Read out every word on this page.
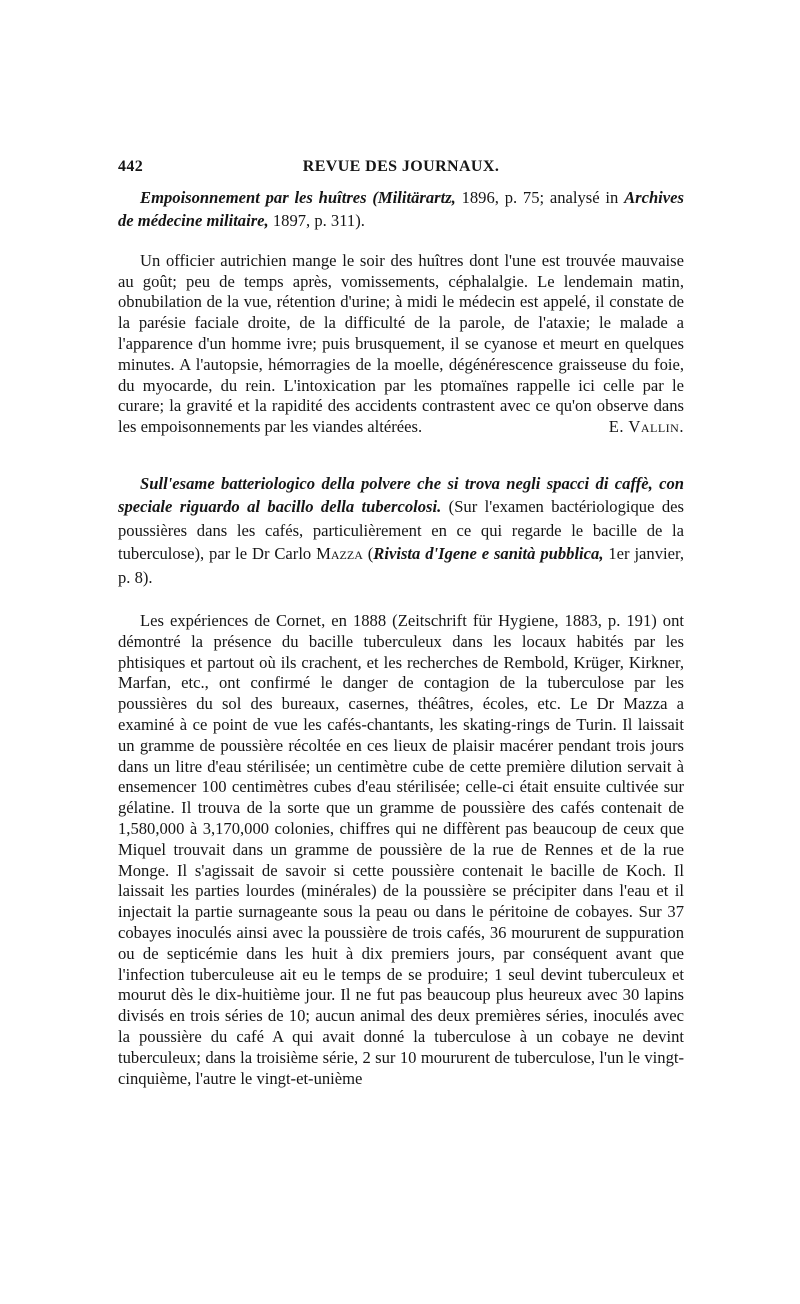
442	REVUE DES JOURNAUX.

Empoisonnement par les huîtres (Militärartz, 1896, p. 75; analysé in Archives de médecine militaire, 1897, p. 311).

Un officier autrichien mange le soir des huîtres dont l'une est trouvée mauvaise au goût; peu de temps après, vomissements, céphalalgie. Le lendemain matin, obnubilation de la vue, rétention d'urine; à midi le médecin est appelé, il constate de la parésie faciale droite, de la difficulté de la parole, de l'ataxie; le malade a l'apparence d'un homme ivre; puis brusquement, il se cyanose et meurt en quelques minutes. A l'autopsie, hémorragies de la moelle, dégénérescence graisseuse du foie, du myocarde, du rein. L'intoxication par les ptomaïnes rappelle ici celle par le curare; la gravité et la rapidité des accidents contrastent avec ce qu'on observe dans les empoisonnements par les viandes altérées.	E. Vallin.

Sull'esame batteriologico della polvere che si trova negli spacci di caffè, con speciale riguardo al bacillo della tubercolosi. (Sur l'examen bactériologique des poussières dans les cafés, particulièrement en ce qui regarde le bacille de la tuberculose), par le Dr Carlo Mazza (Rivista d'Igene e sanità pubblica, 1er janvier, p. 8).

Les expériences de Cornet, en 1888 (Zeitschrift für Hygiene, 1883, p. 191) ont démontré la présence du bacille tuberculeux dans les locaux habités par les phtisiques et partout où ils crachent, et les recherches de Rembold, Krüger, Kirkner, Marfan, etc., ont confirmé le danger de contagion de la tuberculose par les poussières du sol des bureaux, casernes, théâtres, écoles, etc. Le Dr Mazza a examiné à ce point de vue les cafés-chantants, les skating-rings de Turin. Il laissait un gramme de poussière récoltée en ces lieux de plaisir macérer pendant trois jours dans un litre d'eau stérilisée; un centimètre cube de cette première dilution servait à ensemencer 100 centimètres cubes d'eau stérilisée; celle-ci était ensuite cultivée sur gélatine. Il trouva de la sorte que un gramme de poussière des cafés contenait de 1,580,000 à 3,170,000 colonies, chiffres qui ne diffèrent pas beaucoup de ceux que Miquel trouvait dans un gramme de poussière de la rue de Rennes et de la rue Monge. Il s'agissait de savoir si cette poussière contenait le bacille de Koch. Il laissait les parties lourdes (minérales) de la poussière se précipiter dans l'eau et il injectait la partie surnageante sous la peau ou dans le péritoine de cobayes. Sur 37 cobayes inoculés ainsi avec la poussière de trois cafés, 36 moururent de suppuration ou de septicémie dans les huit à dix premiers jours, par conséquent avant que l'infection tuberculeuse ait eu le temps de se produire; 1 seul devint tuberculeux et mourut dès le dix-huitième jour. Il ne fut pas beaucoup plus heureux avec 30 lapins divisés en trois séries de 10; aucun animal des deux premières séries, inoculés avec la poussière du café A qui avait donné la tuberculose à un cobaye ne devint tuberculeux; dans la troisième série, 2 sur 10 moururent de tuberculose, l'un le vingt-cinquième, l'autre le vingt-et-unième
